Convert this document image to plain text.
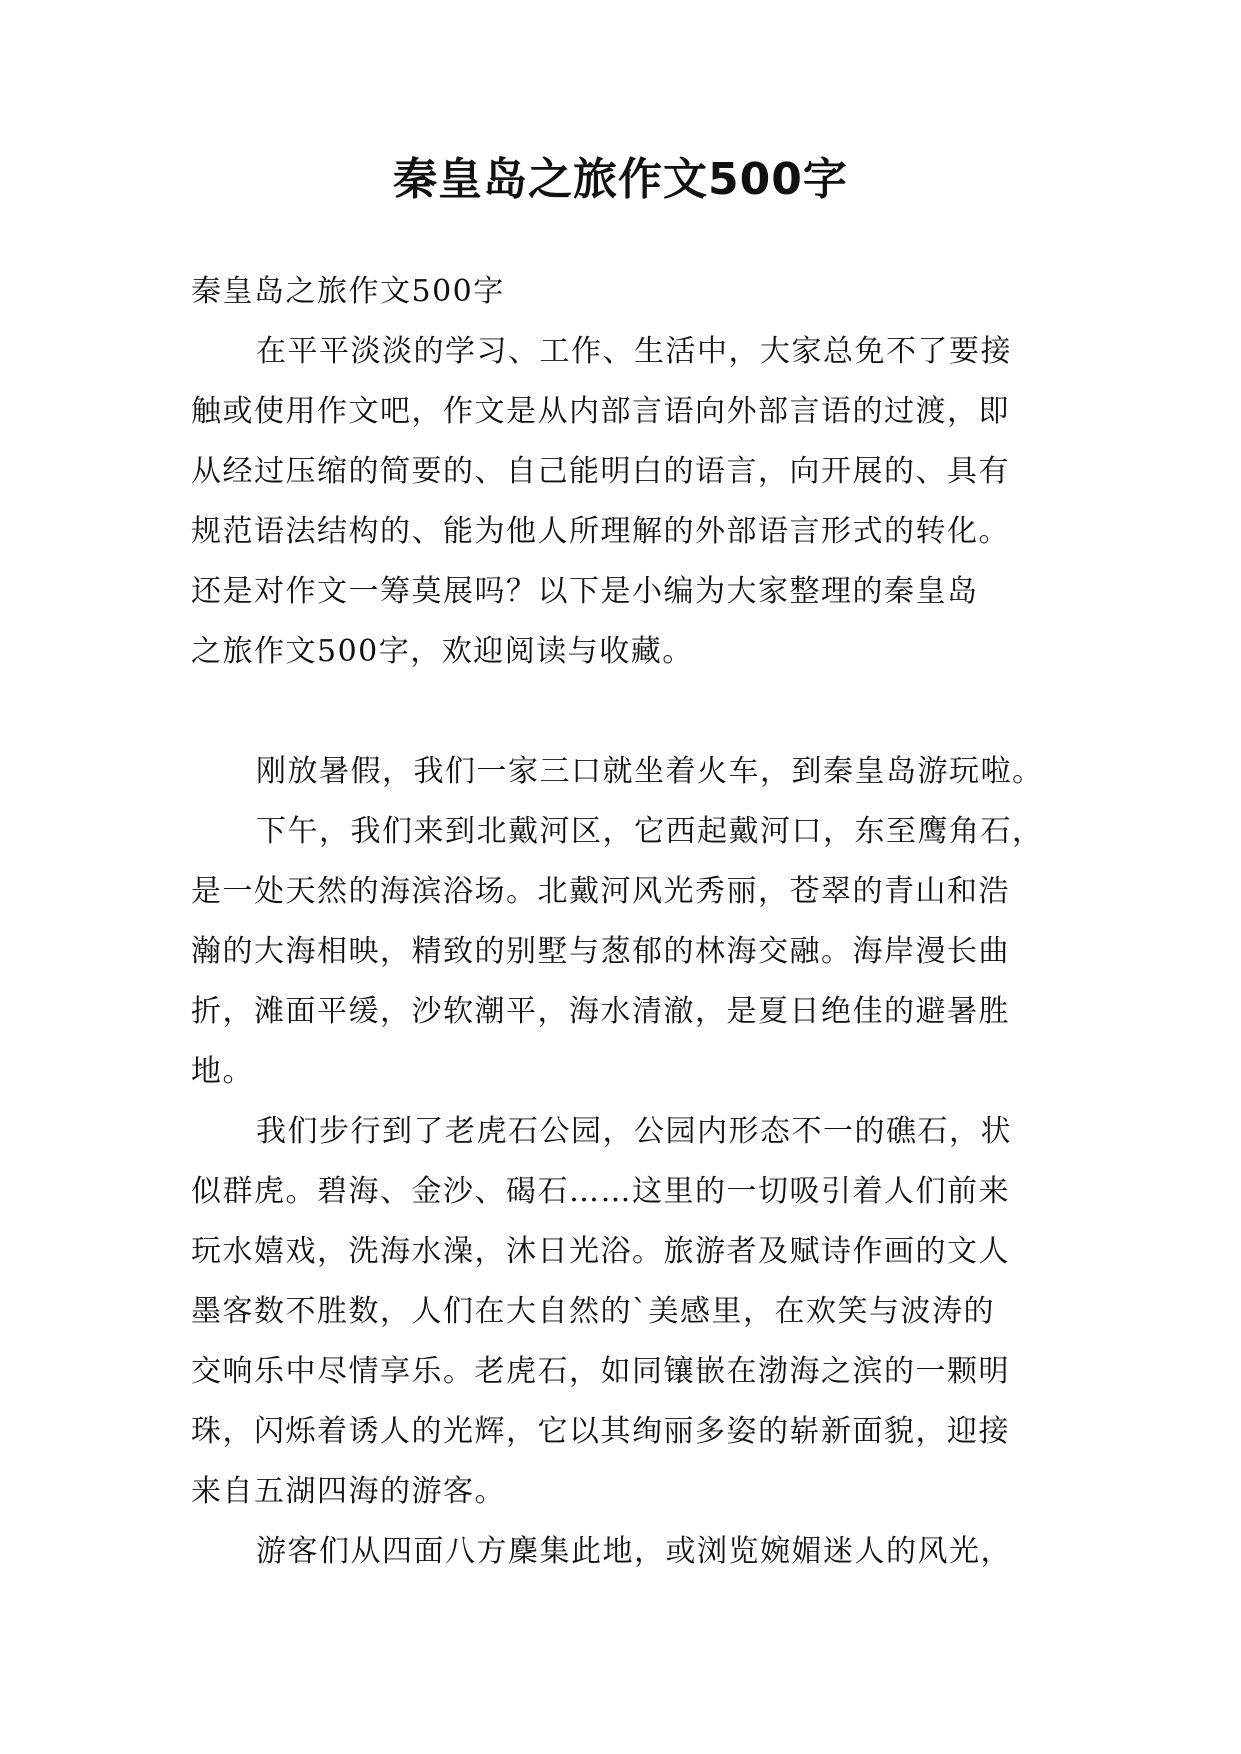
秦皇岛之旅作文500字
秦皇岛之旅作文500字
在平平淡淡的学习、工作、生活中，大家总免不了要接
触或使用作文吧，作文是从内部言语向外部言语的过渡，即
从经过压缩的简要的、自己能明白的语言，向开展的、具有
规范语法结构的、能为他人所理解的外部语言形式的转化。
还是对作文一筹莫展吗？以下是小编为大家整理的秦皇岛
之旅作文500字，欢迎阅读与收藏。
刚放暑假，我们一家三口就坐着火车，到秦皇岛游玩啦。
下午，我们来到北戴河区，它西起戴河口，东至鹰角石，
是一处天然的海滨浴场。北戴河风光秀丽，苍翠的青山和浩
瀚的大海相映，精致的别墅与葱郁的林海交融。海岸漫长曲
折，滩面平缓，沙软潮平，海水清澈，是夏日绝佳的避暑胜
地。
我们步行到了老虎石公园，公园内形态不一的礁石，状
似群虎。碧海、金沙、碣石……这里的一切吸引着人们前来
玩水嬉戏，洗海水澡，沐日光浴。旅游者及赋诗作画的文人
墨客数不胜数，人们在大自然的`美感里，在欢笑与波涛的
交响乐中尽情享乐。老虎石，如同镶嵌在渤海之滨的一颗明
珠，闪烁着诱人的光辉，它以其绚丽多姿的崭新面貌，迎接
来自五湖四海的游客。
游客们从四面八方麇集此地，或浏览婉媚迷人的风光，
